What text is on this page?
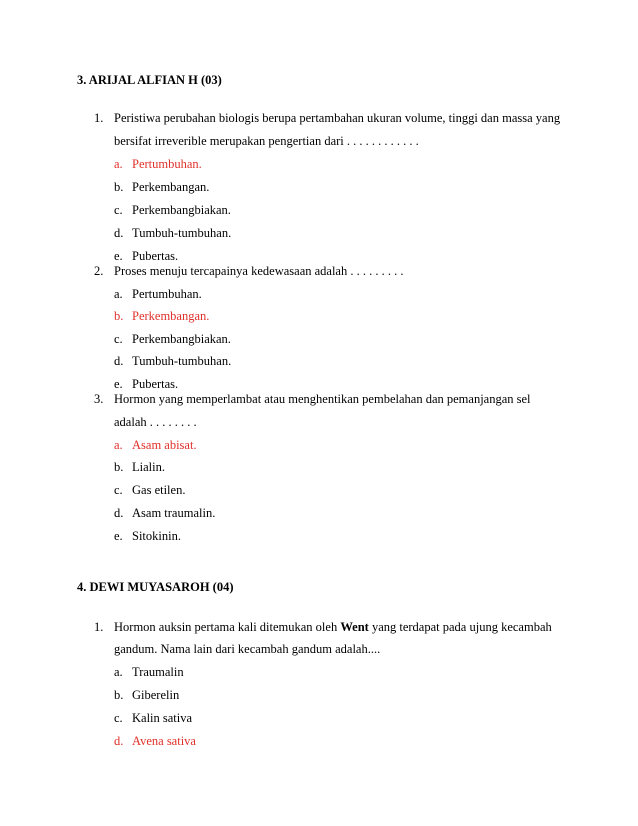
3. ARIJAL ALFIAN H (03)
1. Peristiwa perubahan biologis berupa pertambahan ukuran volume, tinggi dan massa yang
bersifat irreverible merupakan pengertian dari . . . . . . . . . . . .
a. Pertumbuhan.
b. Perkembangan.
c. Perkembangbiakan.
d. Tumbuh-tumbuhan.
e. Pubertas.
2. Proses menuju tercapainya kedewasaan adalah . . . . . . . . .
a. Pertumbuhan.
b. Perkembangan.
c. Perkembangbiakan.
d. Tumbuh-tumbuhan.
e. Pubertas.
3. Hormon yang memperlambat atau menghentikan pembelahan dan pemanjangan sel
adalah . . . . . . . .
a. Asam abisat.
b. Lialin.
c. Gas etilen.
d. Asam traumalin.
e. Sitokinin.
4. DEWI MUYASAROH (04)
1. Hormon auksin pertama kali ditemukan oleh Went yang terdapat pada ujung kecambah
gandum. Nama lain dari kecambah gandum adalah....
a. Traumalin
b. Giberelin
c. Kalin sativa
d. Avena sativa
